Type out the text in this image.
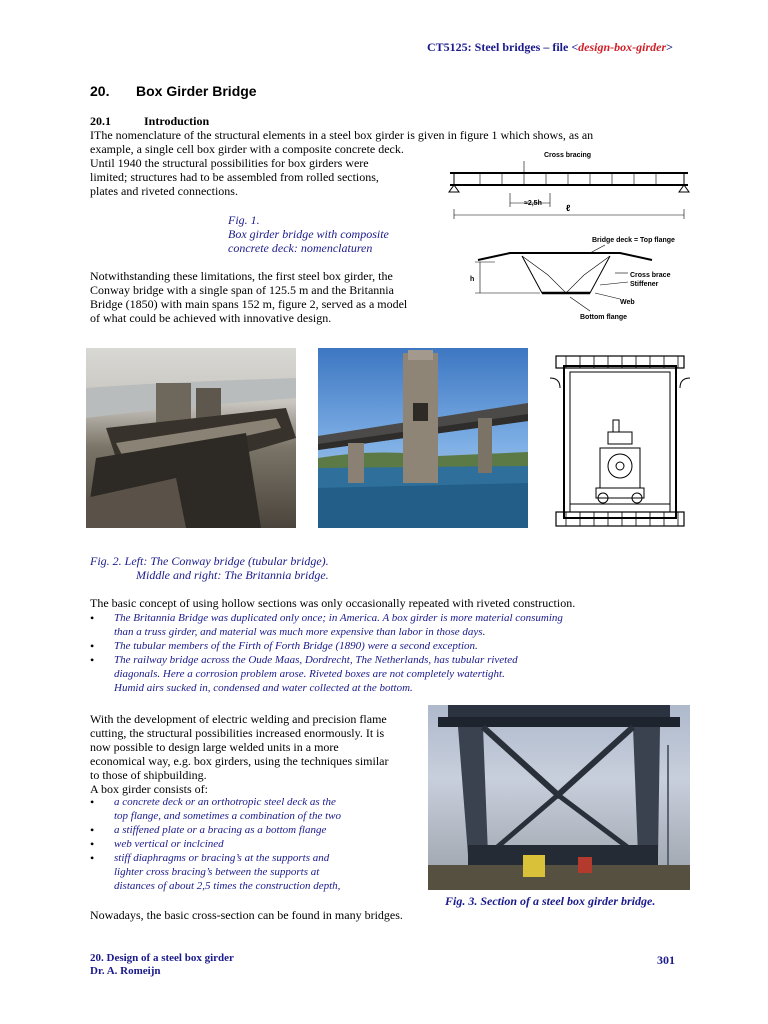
CT5125: Steel bridges – file <design-box-girder>
20. Box Girder Bridge
20.1	Introduction
IThe nomenclature of the structural elements in a steel box girder is given in figure 1 which shows, as an
example, a single cell box girder with a composite concrete deck.
Until 1940 the structural possibilities for box girders were
limited; structures had to be assembled from rolled sections,
plates and riveted connections.
Fig. 1.
Box girder bridge with composite
concrete deck: nomenclaturen
Cross bracing
≈2,5h	ℓ
Bridge deck = Top flange
h
Cross brace
Stiffener
Web
Bottom flange
Notwithstanding these limitations, the first steel box girder, the
Conway bridge with a single span of 125.5 m and the Britannia
Bridge (1850) with main spans 152 m, figure 2, served as a model
of what could be achieved with innovative design.
Fig. 2. Left: The Conway bridge (tubular bridge).
Middle and right: The Britannia bridge.
The basic concept of using hollow sections was only occasionally repeated with riveted construction.
• The Britannia Bridge was duplicated only once; in America. A box girder is more material consuming
than a truss girder, and material was much more expensive than labor in those days.
• The tubular members of the Firth of Forth Bridge (1890) were a second exception.
• The railway bridge across the Oude Maas, Dordrecht, The Netherlands, has tubular riveted
diagonals. Here a corrosion problem arose. Riveted boxes are not completely watertight.
Humid airs sucked in, condensed and water collected at the bottom.
With the development of electric welding and precision flame
cutting, the structural possibilities increased enormously. It is
now possible to design large welded units in a more
economical way, e.g. box girders, using the techniques similar
to those of shipbuilding.
A box girder consists of:
• a concrete deck or an orthotropic steel deck as the
top flange, and sometimes a combination of the two
• a stiffened plate or a bracing as a bottom flange
• web vertical or inclcined
• stiff diaphragms or bracing’s at the supports and
lighter cross bracing’s between the supports at
distances of about 2,5 times the construction depth,
Fig. 3. Section of a steel box girder bridge.
Nowadays, the basic cross-section can be found in many bridges.
20. Design of a steel box girder
Dr. A. Romeijn
301
